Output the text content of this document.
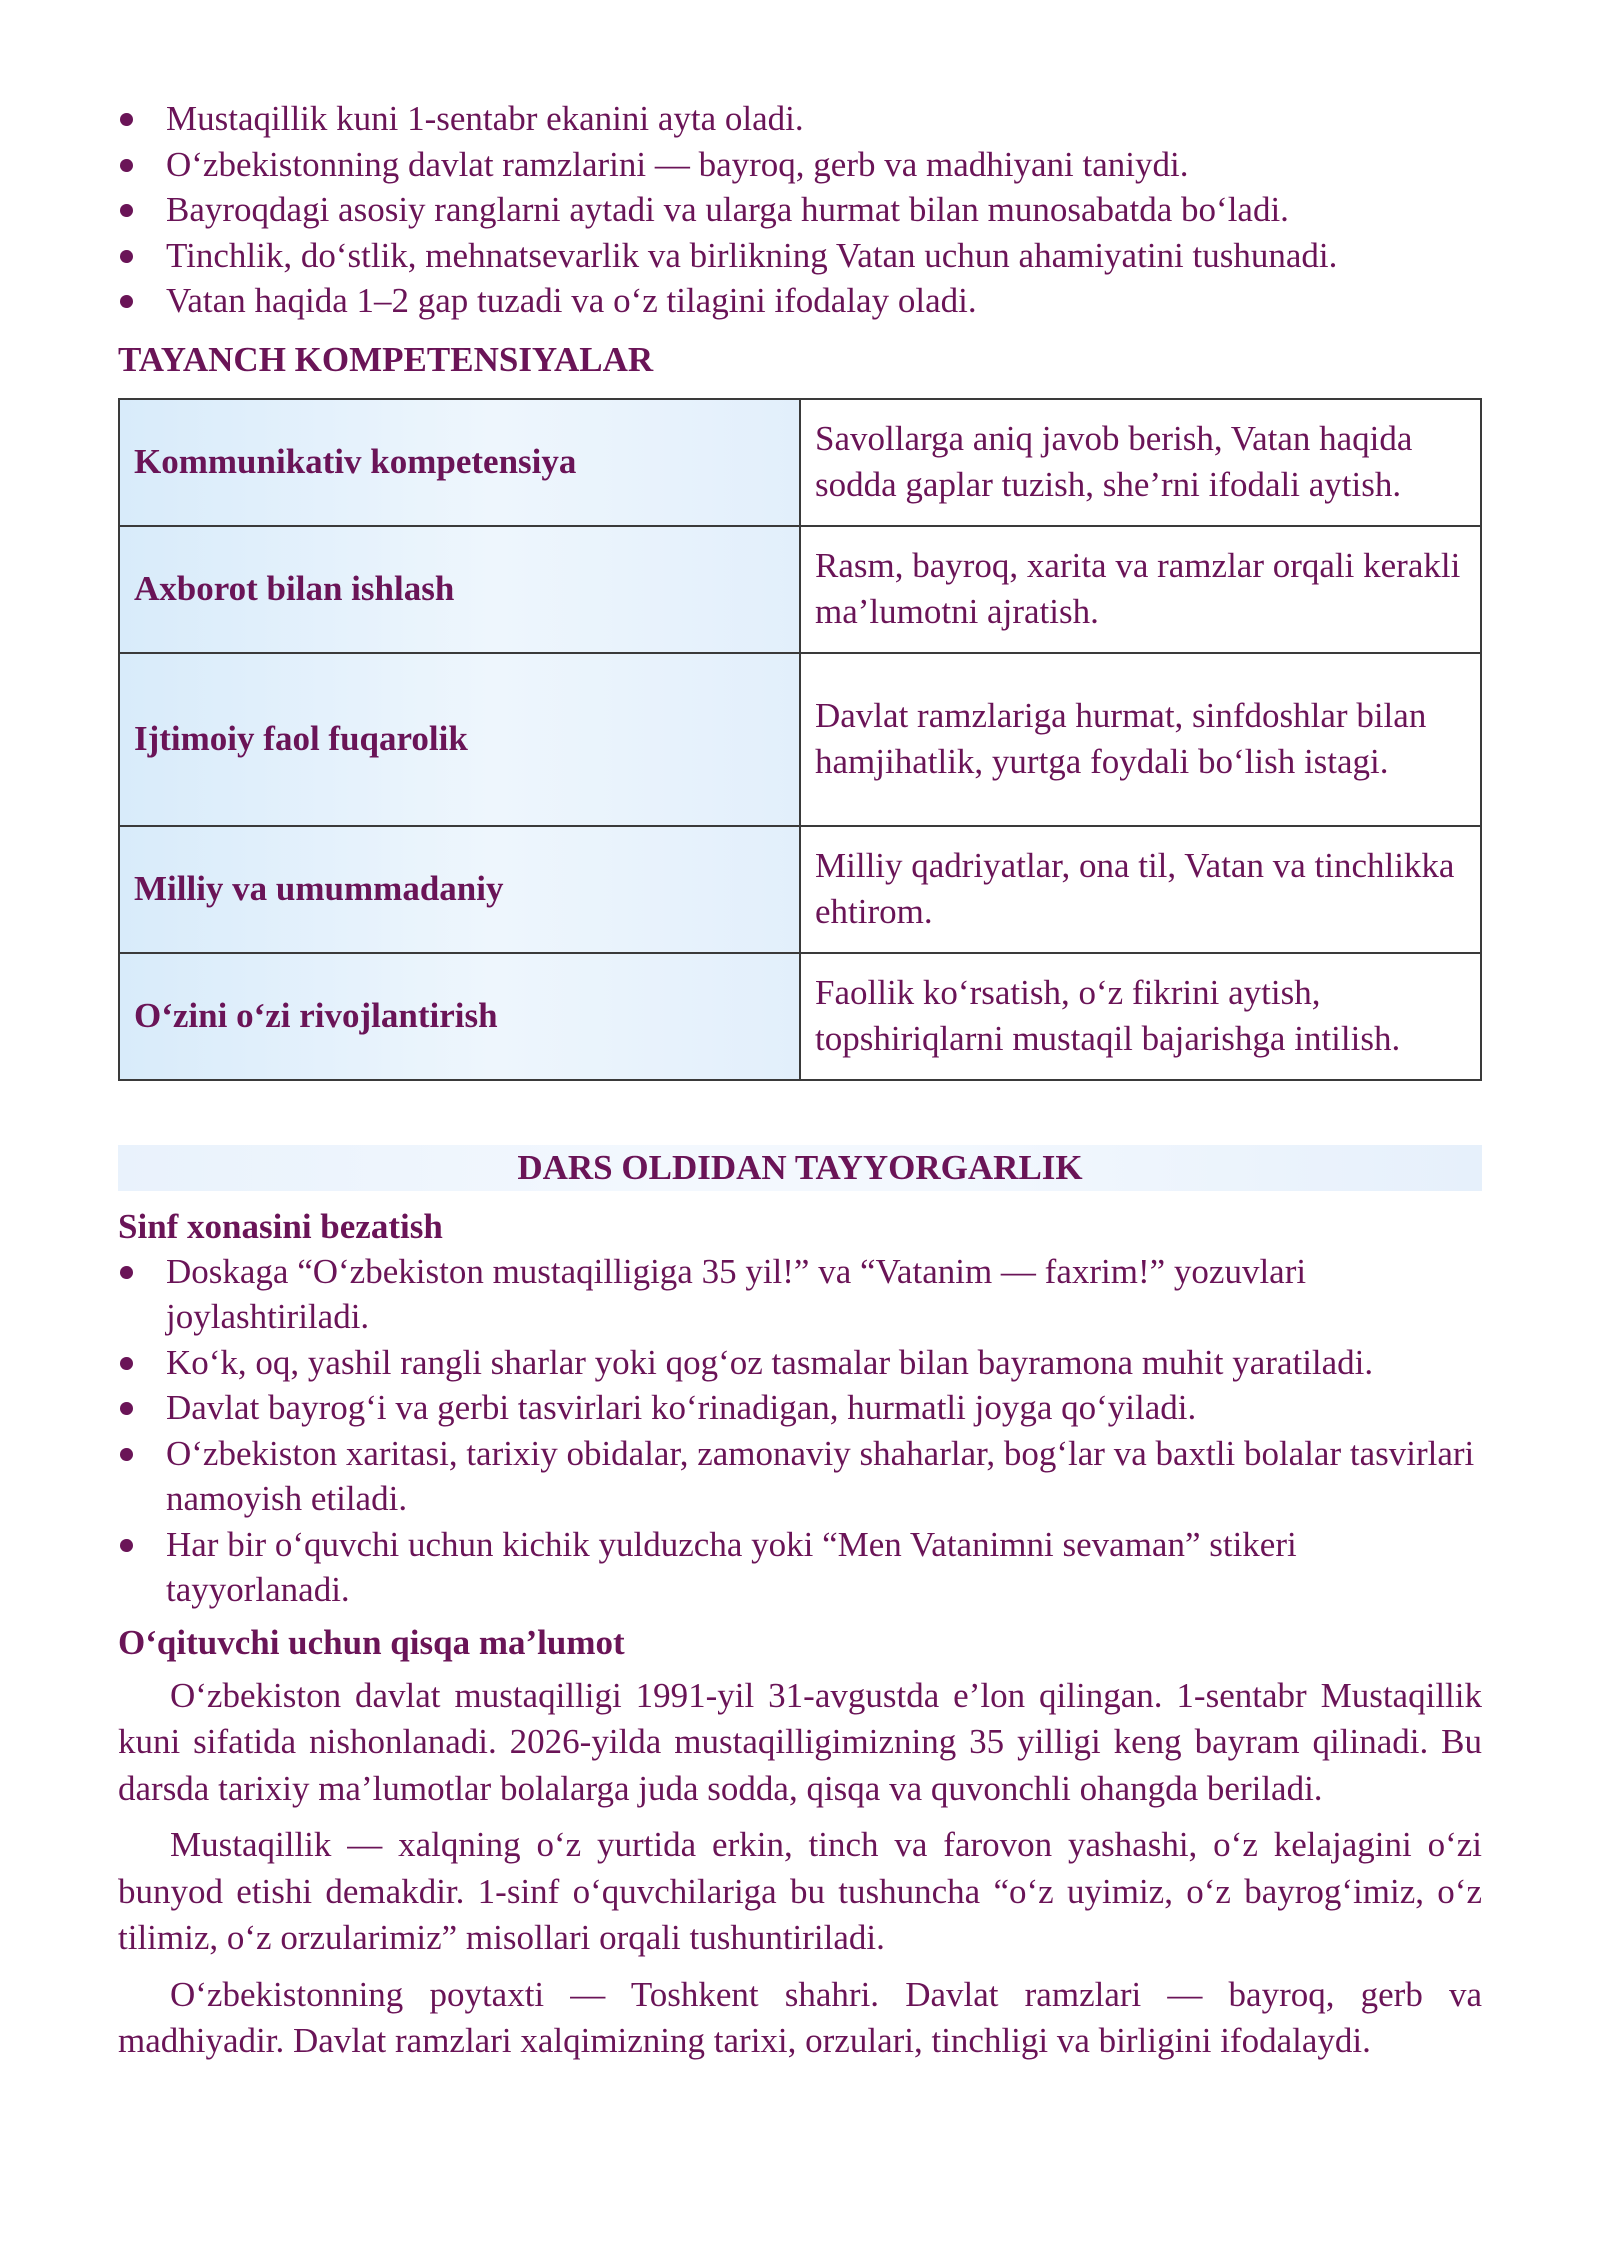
Mustaqillik kuni 1-sentabr ekanini ayta oladi.
O‘zbekistonning davlat ramzlarini — bayroq, gerb va madhiyani taniydi.
Bayroqdagi asosiy ranglarni aytadi va ularga hurmat bilan munosabatda bo‘ladi.
Tinchlik, do‘stlik, mehnatsevarlik va birlikning Vatan uchun ahamiyatini tushunadi.
Vatan haqida 1–2 gap tuzadi va o‘z tilagini ifodalay oladi.
TAYANCH KOMPETENSIYALAR
Kommunikativ kompetensiya	Savollarga aniq javob berish, Vatan haqida sodda gaplar tuzish, she’rni ifodali aytish.
Axborot bilan ishlash	Rasm, bayroq, xarita va ramzlar orqali kerakli ma’lumotni ajratish.
Ijtimoiy faol fuqarolik	Davlat ramzlariga hurmat, sinfdoshlar bilan hamjihatlik, yurtga foydali bo‘lish istagi.
Milliy va umummadaniy	Milliy qadriyatlar, ona til, Vatan va tinchlikka ehtirom.
O‘zini o‘zi rivojlantirish	Faollik ko‘rsatish, o‘z fikrini aytish, topshiriqlarni mustaqil bajarishga intilish.
DARS OLDIDAN TAYYORGARLIK
Sinf xonasini bezatish
Doskaga “O‘zbekiston mustaqilligiga 35 yil!” va “Vatanim — faxrim!” yozuvlari joylashtiriladi.
Ko‘k, oq, yashil rangli sharlar yoki qog‘oz tasmalar bilan bayramona muhit yaratiladi.
Davlat bayrog‘i va gerbi tasvirlari ko‘rinadigan, hurmatli joyga qo‘yiladi.
O‘zbekiston xaritasi, tarixiy obidalar, zamonaviy shaharlar, bog‘lar va baxtli bolalar tasvirlari namoyish etiladi.
Har bir o‘quvchi uchun kichik yulduzcha yoki “Men Vatanimni sevaman” stikeri tayyorlanadi.
O‘qituvchi uchun qisqa ma’lumot

O‘zbekiston davlat mustaqilligi 1991-yil 31-avgustda e’lon qilingan. 1-sentabr Mustaqillik kuni sifatida nishonlanadi. 2026-yilda mustaqilligimizning 35 yilligi keng bayram qilinadi. Bu darsda tarixiy ma’lumotlar bolalarga juda sodda, qisqa va quvonchli ohangda beriladi.

Mustaqillik — xalqning o‘z yurtida erkin, tinch va farovon yashashi, o‘z kelajagini o‘zi bunyod etishi demakdir. 1-sinf o‘quvchilariga bu tushuncha “o‘z uyimiz, o‘z bayrog‘imiz, o‘z tilimiz, o‘z orzularimiz” misollari orqali tushuntiriladi.

O‘zbekistonning poytaxti — Toshkent shahri. Davlat ramzlari — bayroq, gerb va madhiyadir. Davlat ramzlari xalqimizning tarixi, orzulari, tinchligi va birligini ifodalaydi.
